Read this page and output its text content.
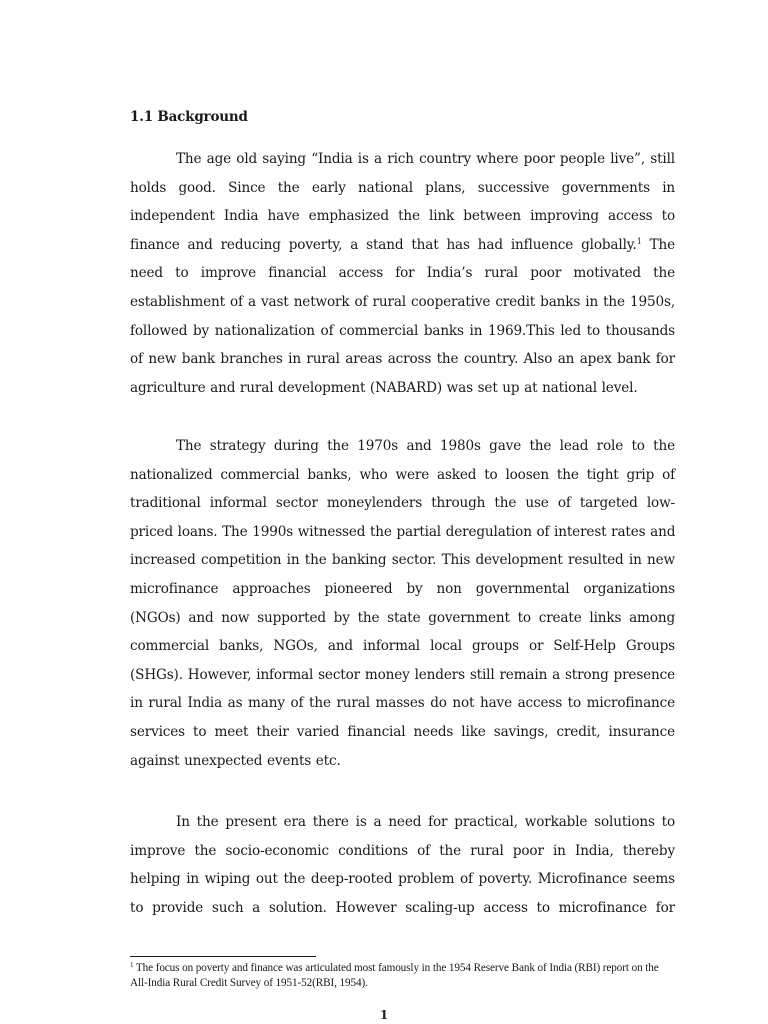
1.1 Background
The age old saying “India is a rich country where poor people live”, still
holds good. Since the early national plans, successive governments in
independent India have emphasized the link between improving access to
finance and reducing poverty, a stand that has had influence globally.$^1$ The
need to improve financial access for India’s rural poor motivated the
establishment of a vast network of rural cooperative credit banks in the 1950s,
followed by nationalization of commercial banks in 1969.This led to thousands
of new bank branches in rural areas across the country. Also an apex bank for
agriculture and rural development (NABARD) was set up at national level.
The strategy during the 1970s and 1980s gave the lead role to the
nationalized commercial banks, who were asked to loosen the tight grip of
traditional informal sector moneylenders through the use of targeted low-
priced loans. The 1990s witnessed the partial deregulation of interest rates and
increased competition in the banking sector. This development resulted in new
microfinance approaches pioneered by non governmental organizations
(NGOs) and now supported by the state government to create links among
commercial banks, NGOs, and informal local groups or Self-Help Groups
(SHGs). However, informal sector money lenders still remain a strong presence
in rural India as many of the rural masses do not have access to microfinance
services to meet their varied financial needs like savings, credit, insurance
against unexpected events etc.
In the present era there is a need for practical, workable solutions to
improve the socio-economic conditions of the rural poor in India, thereby
helping in wiping out the deep-rooted problem of poverty. Microfinance seems
to provide such a solution. However scaling-up access to microfinance for
$^1$ The focus on poverty and finance was articulated most famously in the 1954 Reserve Bank of India (RBI) report on the All-India Rural Credit Survey of 1951-52(RBI, 1954).
1
